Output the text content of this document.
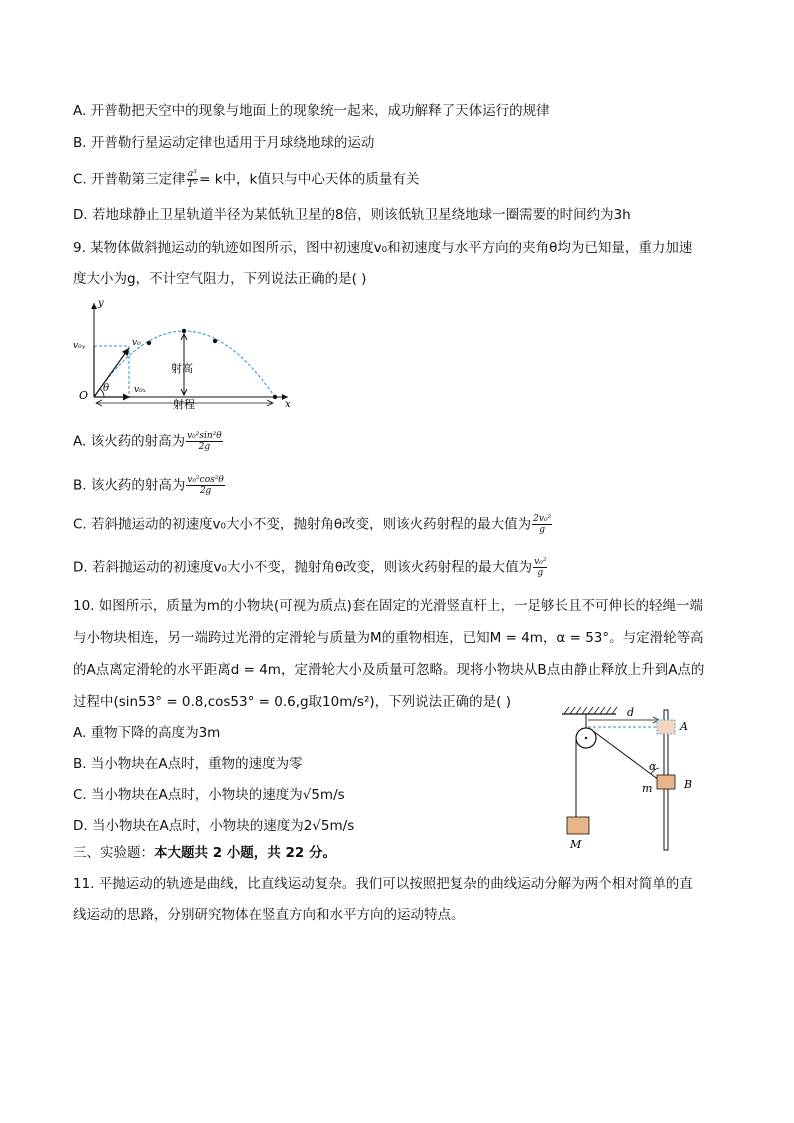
A. 开普勒把天空中的现象与地面上的现象统一起来，成功解释了天体运行的规律
B. 开普勒行星运动定律也适用于月球绕地球的运动
C. 开普勒第三定律 $\frac{\text{a³}}{\text{T²}} = k$中，k值只与中心天体的质量有关
D. 若地球静止卫星轨道半径为某低轨卫星的8倍，则该低轨卫星绕地球一圈需要的时间约为3h
9. 某物体做斜抛运动的轨迹如图所示，图中初速度v₀和初速度与水平方向的夹角θ均为已知量，重力加速
度大小为g，不计空气阻力，下列说法正确的是( )
y
x
O
v₀ᵧ	v₀
v₀ₓ
θ
射高
射程
A. 该火药的射高为 $\frac{\text{v₀²sin²θ}}{2g}$
B. 该火药的射高为 $\frac{\text{v₀²cos²θ}}{2g}$
C. 若斜抛运动的初速度v₀大小不变，抛射角θ改变，则该火药射程的最大值为 $\frac{\text{2v₀²}}{g}$
D. 若斜抛运动的初速度v₀大小不变，抛射角θ改变，则该火药射程的最大值为 $\frac{\text{v₀²}}{g}$
10. 如图所示，质量为m的小物块(可视为质点)套在固定的光滑竖直杆上，一足够长且不可伸长的轻绳一端
与小物块相连，另一端跨过光滑的定滑轮与质量为M的重物相连，已知M = 4m，α = 53°。与定滑轮等高
的A点离定滑轮的水平距离d = 4m，定滑轮大小及质量可忽略。现将小物块从B点由静止释放上升到A点的
过程中(sin53° = 0.8,cos53° = 0.6,g取10m/s²)，下列说法正确的是( )
A. 重物下降的高度为3m
B. 当小物块在A点时，重物的速度为零
C. 当小物块在A点时，小物块的速度为√5m/s
D. 当小物块在A点时，小物块的速度为2√5m/s
M
d
A
α
m	B
三、实验题：本大题共 2 小题，共 22 分。
11. 平抛运动的轨迹是曲线，比直线运动复杂。我们可以按照把复杂的曲线运动分解为两个相对简单的直
线运动的思路，分别研究物体在竖直方向和水平方向的运动特点。
